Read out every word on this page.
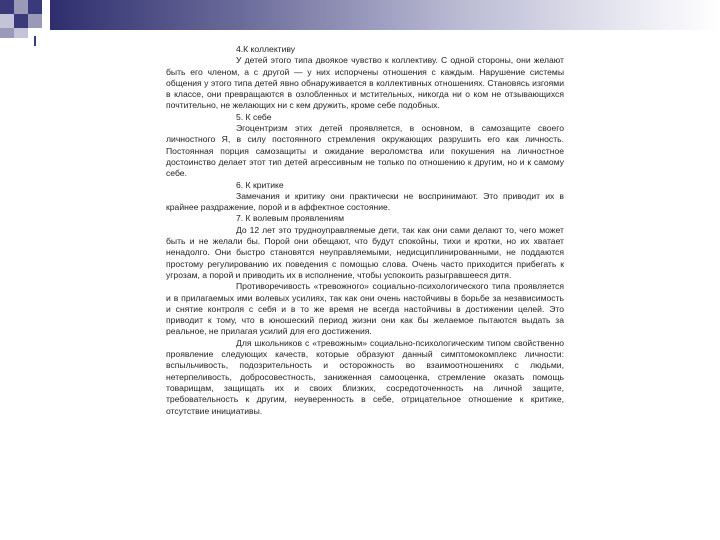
4.К коллективу

У детей этого типа двоякое чувство к коллективу. С одной стороны, они желают быть его членом, а с другой — у них испорчены отношения с каждым. Нарушение системы общения у этого типа детей явно обнаруживается в коллективных отношениях. Становясь изгоями в классе, они превращаются в озлобленных и мстительных, никогда ни о ком не отзывающихся почтительно, не желающих ни с кем дружить, кроме себе подобных.

5. К себе

Эгоцентризм этих детей проявляется, в основном, в самозащите своего личностного Я, в силу постоянного стремления окружающих разрушить его как личность. Постоянная порция самозащиты и ожидание вероломства или покушения на личностное достоинство делает этот тип детей агрессивным не только по отношению к другим, но и к самому себе.

6. К критике

Замечания и критику они практически не воспринимают. Это приводит их в крайнее раздражение, порой и в аффектное состояние.

7. К волевым проявлениям

До 12 лет это трудноуправляемые дети, так как они сами делают то, чего может быть и не желали бы. Порой они обещают, что будут спокойны, тихи и кротки, но их хватает ненадолго. Они быстро становятся неуправляемыми, недисциплинированными, не поддаются простому регулированию их поведения с помощью слова. Очень часто приходится прибегать к угрозам, а порой и приводить их в исполнение, чтобы успокоить разыгравшееся дитя.

Противоречивость «тревожного» социально-психологического типа проявляется и в прилагаемых ими волевых усилиях, так как они очень настойчивы в борьбе за независимость и снятие контроля с себя и в то же время не всегда настойчивы в достижении целей. Это приводит к тому, что в юношеский период жизни они как бы желаемое пытаются выдать за реальное, не прилагая усилий для его достижения.

Для школьников с «тревожным» социально-психологическим типом свойственно проявление следующих качеств, которые образуют данный симптомокомплекс личности: вспыльчивость, подозрительность и осторожность во взаимоотношениях с людьми, нетерпеливость, добросовестность, заниженная самооценка, стремление оказать помощь товарищам, защищать их и своих близких, сосредоточенность на личной защите, требовательность к другим, неуверенность в себе, отрицательное отношение к критике, отсутствие инициативы.
